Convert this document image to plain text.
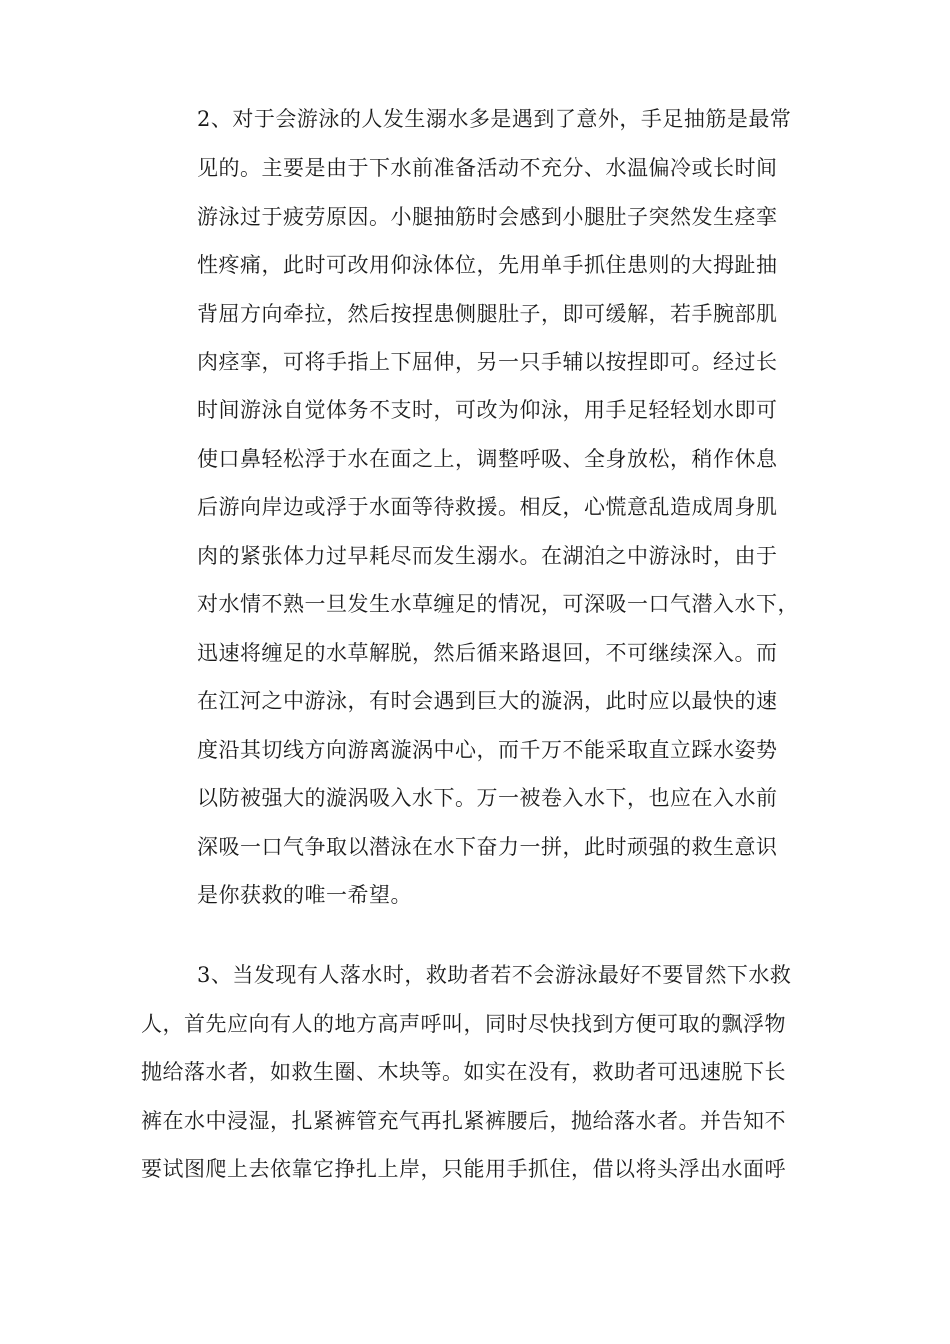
2、对于会游泳的人发生溺水多是遇到了意外，手足抽筋是最常
见的。主要是由于下水前准备活动不充分、水温偏冷或长时间
游泳过于疲劳原因。小腿抽筋时会感到小腿肚子突然发生痉挛
性疼痛，此时可改用仰泳体位，先用单手抓住患则的大拇趾抽
背屈方向牵拉，然后按捏患侧腿肚子，即可缓解，若手腕部肌
肉痉挛，可将手指上下屈伸，另一只手辅以按捏即可。经过长
时间游泳自觉体务不支时，可改为仰泳，用手足轻轻划水即可
使口鼻轻松浮于水在面之上，调整呼吸、全身放松，稍作休息
后游向岸边或浮于水面等待救援。相反，心慌意乱造成周身肌
肉的紧张体力过早耗尽而发生溺水。在湖泊之中游泳时，由于
对水情不熟一旦发生水草缠足的情况，可深吸一口气潜入水下，
迅速将缠足的水草解脱，然后循来路退回，不可继续深入。而
在江河之中游泳，有时会遇到巨大的漩涡，此时应以最快的速
度沿其切线方向游离漩涡中心，而千万不能采取直立踩水姿势
以防被强大的漩涡吸入水下。万一被卷入水下，也应在入水前
深吸一口气争取以潜泳在水下奋力一拼，此时顽强的救生意识
是你获救的唯一希望。
3、当发现有人落水时，救助者若不会游泳最好不要冒然下水救
人，首先应向有人的地方高声呼叫，同时尽快找到方便可取的飘浮物
抛给落水者，如救生圈、木块等。如实在没有，救助者可迅速脱下长
裤在水中浸湿，扎紧裤管充气再扎紧裤腰后，抛给落水者。并告知不
要试图爬上去依靠它挣扎上岸，只能用手抓住，借以将头浮出水面呼
